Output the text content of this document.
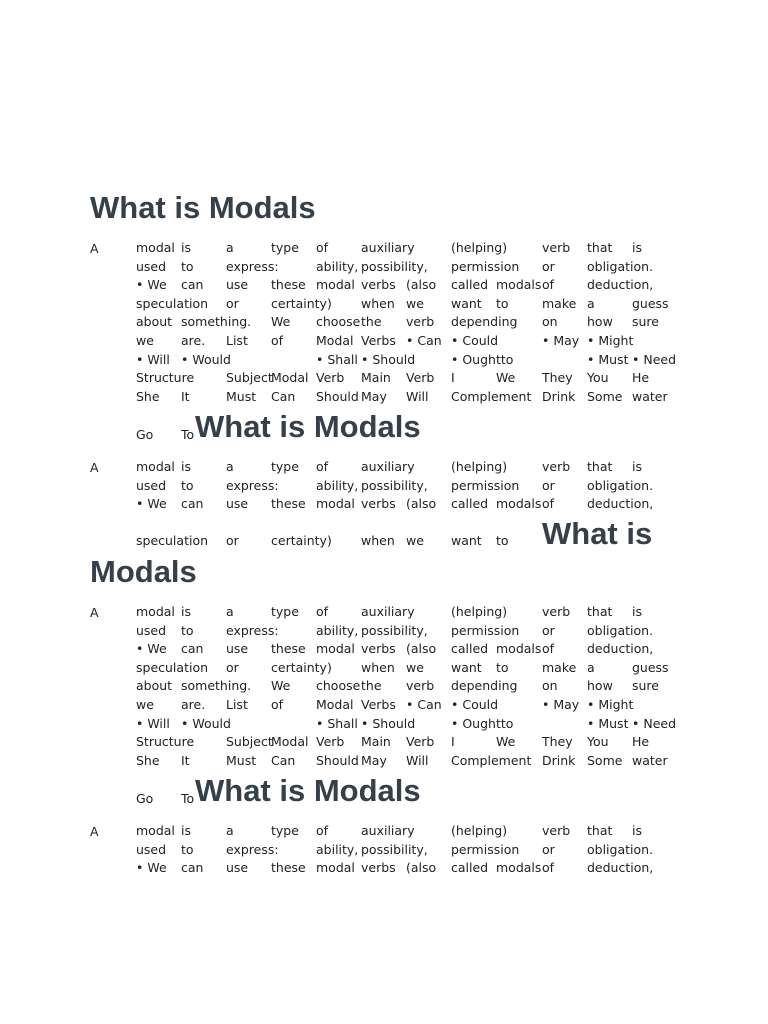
What is Modals
A	modal is	a	type of	auxiliary	(helping)	verb that is
used to	express:	ability, possibility, permission or	obligation.
• We can use these modal verbs (also called modals of	deduction,
speculation or	certainty) when we want to	make a	guess
about something. We choose the verb depending on how sure
we are. List of	Modal Verbs • Can • Could	• May • Might
• Will • Would	• Shall • Should	• Oughtto	• Must • Need
Structure	Subject
Modal Verb Main Verb I	We They You He
She It	Must Can Should May Will Complement Drink Some water
Go To What is Modals
A	modal is	a	type of	auxiliary	(helping)	verb that is
used to	express:	ability, possibility, permission or	obligation.
• We can use these modal verbs (also called modals of	deduction,
speculation or	certainty) when we want to What is
Modals
A	modal is	a	type of	auxiliary	(helping)	verb that is
used to	express:	ability, possibility, permission or	obligation.
• We can use these modal verbs (also called modals of	deduction,
speculation or	certainty) when we want to	make a	guess
about something. We choose the verb depending on how sure
we are. List of	Modal Verbs • Can • Could	• May • Might
• Will • Would	• Shall • Should	• Oughtto	• Must • Need
Structure	Subject
Modal Verb Main Verb I	We They You He
She It	Must Can Should May Will Complement Drink Some water
Go To What is Modals
A	modal is	a	type of	auxiliary	(helping)	verb that is
used to	express:	ability, possibility, permission or	obligation.
• We can use these modal verbs (also called modals of	deduction,
